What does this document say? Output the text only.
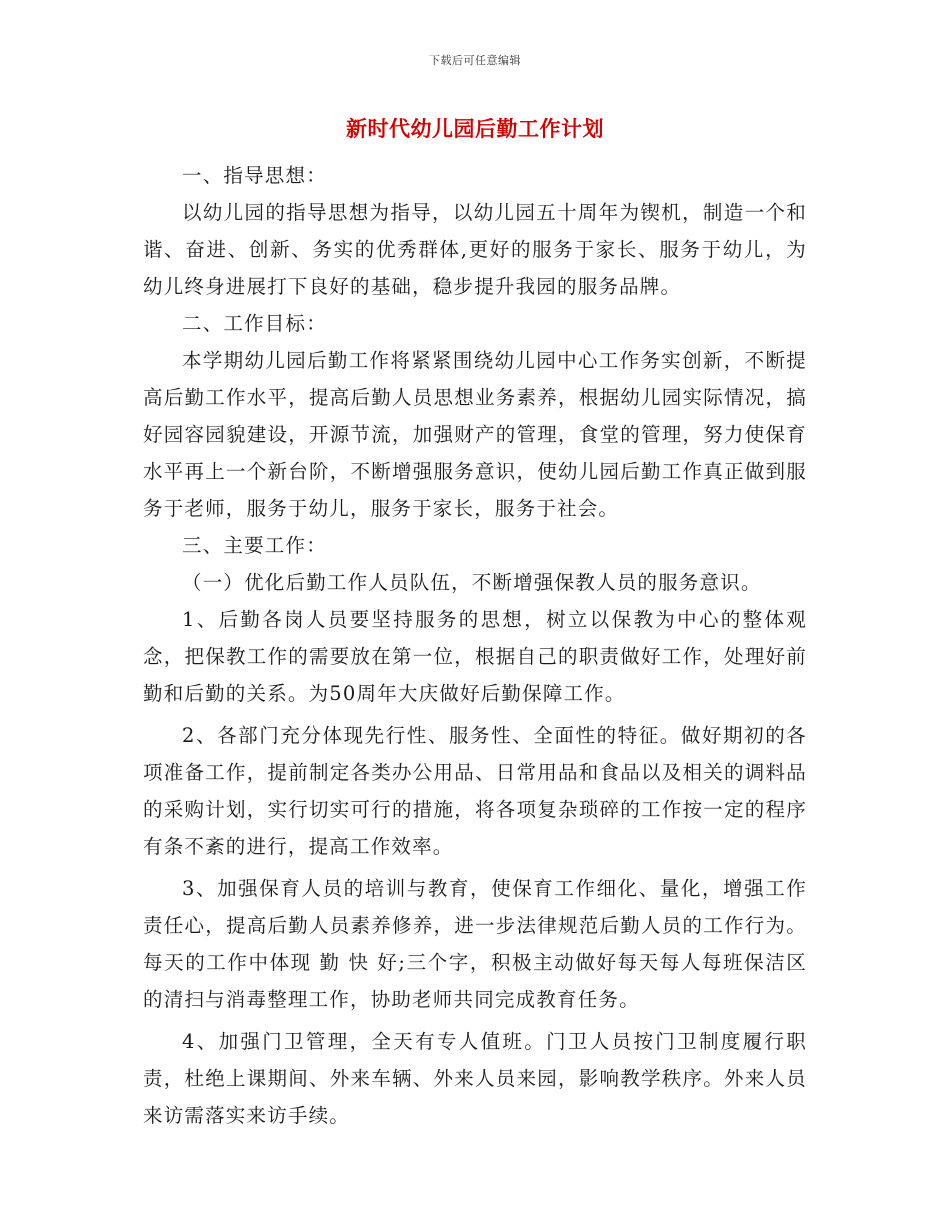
下载后可任意编辑
新时代幼儿园后勤工作计划

一、指导思想：

以幼儿园的指导思想为指导，以幼儿园五十周年为锲机，制造一个和谐、奋进、创新、务实的优秀群体,更好的服务于家长、服务于幼儿，为幼儿终身进展打下良好的基础，稳步提升我园的服务品牌。

二、工作目标：

本学期幼儿园后勤工作将紧紧围绕幼儿园中心工作务实创新，不断提高后勤工作水平，提高后勤人员思想业务素养，根据幼儿园实际情况，搞好园容园貌建设，开源节流，加强财产的管理，食堂的管理，努力使保育水平再上一个新台阶，不断增强服务意识，使幼儿园后勤工作真正做到服务于老师，服务于幼儿，服务于家长，服务于社会。

三、主要工作：

（一）优化后勤工作人员队伍，不断增强保教人员的服务意识。

1、后勤各岗人员要坚持服务的思想，树立以保教为中心的整体观念，把保教工作的需要放在第一位，根据自己的职责做好工作，处理好前勤和后勤的关系。为50周年大庆做好后勤保障工作。

2、各部门充分体现先行性、服务性、全面性的特征。做好期初的各项准备工作，提前制定各类办公用品、日常用品和食品以及相关的调料品的采购计划，实行切实可行的措施，将各项复杂琐碎的工作按一定的程序有条不紊的进行，提高工作效率。

3、加强保育人员的培训与教育，使保育工作细化、量化，增强工作责任心，提高后勤人员素养修养，进一步法律规范后勤人员的工作行为。每天的工作中体现 勤 快 好;三个字，积极主动做好每天每人每班保洁区的清扫与消毒整理工作，协助老师共同完成教育任务。

4、加强门卫管理，全天有专人值班。门卫人员按门卫制度履行职责，杜绝上课期间、外来车辆、外来人员来园，影响教学秩序。外来人员来访需落实来访手续。
